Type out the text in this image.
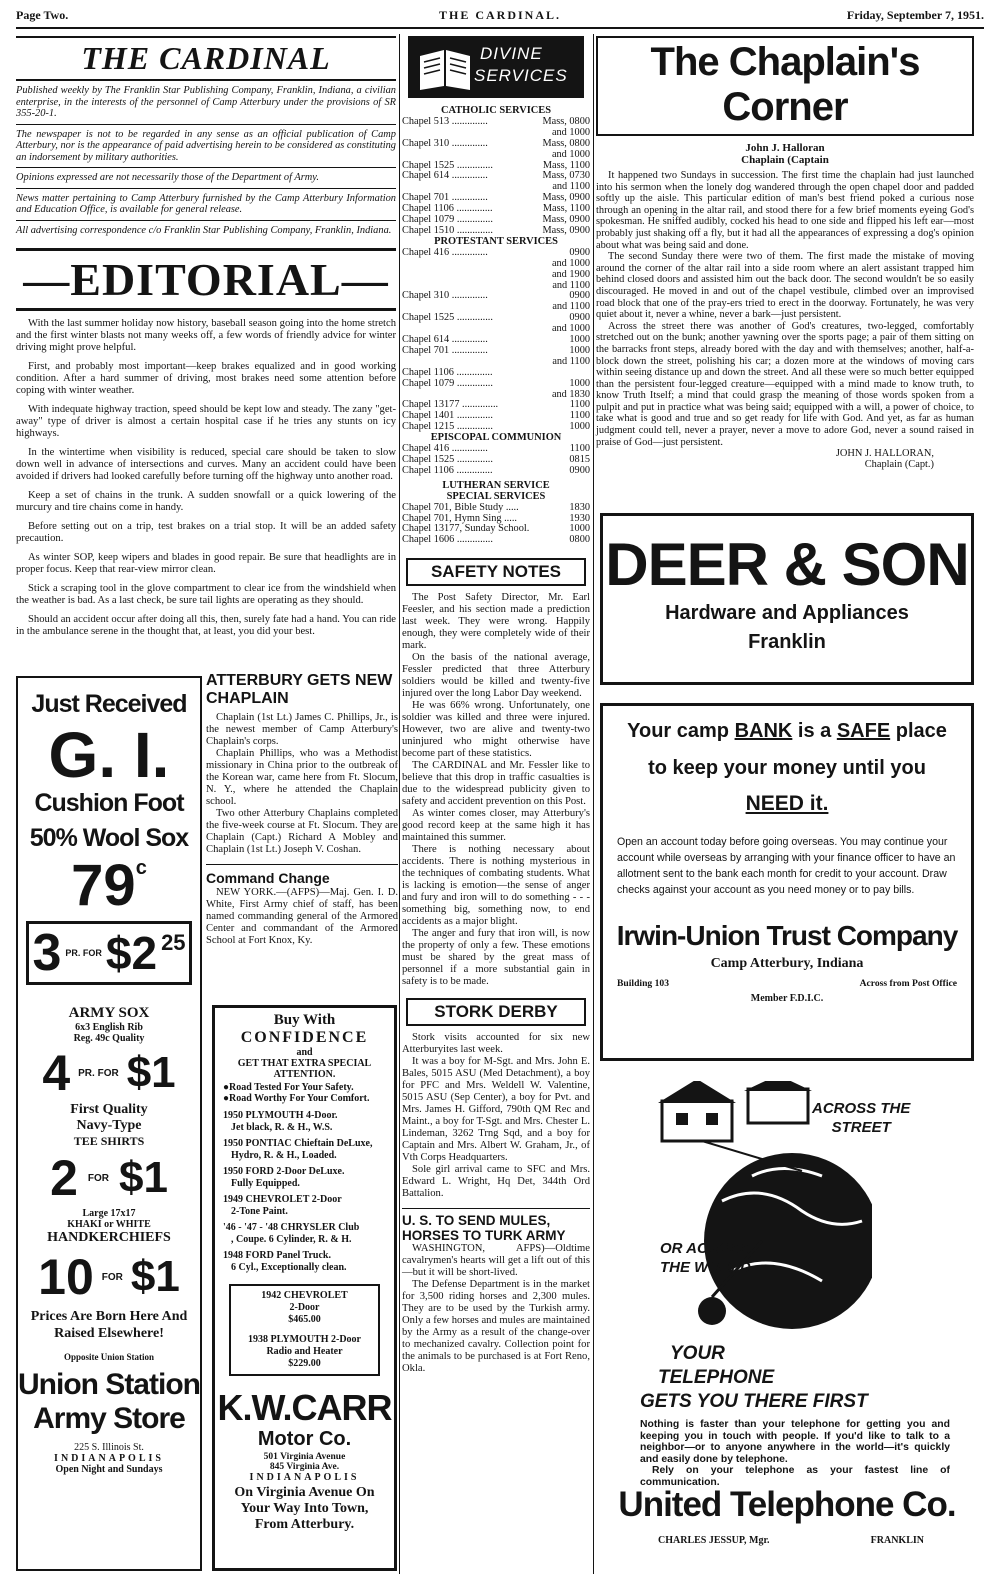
Page Two.	THE CARDINAL.	Friday, September 7, 1951.
THE CARDINAL
Published weekly by The Franklin Star Publishing Company, Franklin, Indiana, a civilian enterprise, in the interests of the personnel of Camp Atterbury under the provisions of SR 355-20-1.
The newspaper is not to be regarded in any sense as an official publication of Camp Atterbury, nor is the appearance of paid advertising herein to be considered as constituting an indorsement by military authorities.
Opinions expressed are not necessarily those of the Department of Army.
News matter pertaining to Camp Atterbury furnished by the Camp Atterbury Information and Education Office, is available for general release.
All advertising correspondence c/o Franklin Star Publishing Company, Franklin, Indiana.
—EDITORIAL—

With the last summer holiday now history, baseball season going into the home stretch and the first winter blasts not many weeks off, a few words of friendly advice for winter driving might prove helpful.

First, and probably most important—keep brakes equalized and in good working condition. After a hard summer of driving, most brakes need some attention before coping with winter weather.

With indequate highway traction, speed should be kept low and steady. The zany "get-away" type of driver is almost a certain hospital case if he tries any stunts on icy highways.

In the wintertime when visibility is reduced, special care should be taken to slow down well in advance of intersections and curves. Many an accident could have been avoided if drivers had looked carefully before turning off the highway unto another road.

Keep a set of chains in the trunk. A sudden snowfall or a quick lowering of the murcury and tire chains come in handy.

Before setting out on a trip, test brakes on a trial stop. It will be an added safety precaution.

As winter SOP, keep wipers and blades in good repair. Be sure that headlights are in proper focus. Keep that rear-view mirror clean.

Stick a scraping tool in the glove compartment to clear ice from the windshield when the weather is bad. As a last check, be sure tail lights are operating as they should.

Should an accident occur after doing all this, then, surely fate had a hand. You can ride in the ambulance serene in the thought that, at least, you did your best.

Just Received
G. I.
Cushion Foot
50% Wool Sox
79c
3 PR. FOR $2 25
ARMY SOX
6x3 English Rib
Reg. 49c Quality
4 PR. FOR $1
First Quality
Navy-Type
TEE SHIRTS
2 FOR $1
Large 17x17
KHAKI or WHITE
HANDKERCHIEFS
10 FOR $1
Prices Are Born Here And Raised Elsewhere!
Opposite Union Station
Union Station
Army Store
225 S. Illinois St.
INDIANAPOLIS
Open Night and Sundays
ATTERBURY GETS NEW CHAPLAIN

Chaplain (1st Lt.) James C. Phillips, Jr., is the newest member of Camp Atterbury's Chaplain's corps.

Chaplain Phillips, who was a Methodist missionary in China prior to the outbreak of the Korean war, came here from Ft. Slocum, N. Y., where he attended the Chaplain school.

Two other Atterbury Chaplains completed the five-week course at Ft. Slocum. They are Chaplain (Capt.) Richard A Mobley and Chaplain (1st Lt.) Joseph V. Coshan.

Command Change

NEW YORK.—(AFPS)—Maj. Gen. I. D. White, First Army chief of staff, has been named commanding general of the Armored Center and commandant of the Armored School at Fort Knox, Ky.

Buy With
CONFIDENCE
and
GET THAT EXTRA SPECIAL ATTENTION.
●Road Tested For Your Safety.
●Road Worthy For Your Comfort.
1950 PLYMOUTH 4-Door.
Jet black, R. & H., W.S.
1950 PONTIAC Chieftain DeLuxe,
Hydro, R. & H., Loaded.
1950 FORD 2-Door DeLuxe.
Fully Equipped.
1949 CHEVROLET 2-Door
2-Tone Paint.
'46 - '47 - '48 CHRYSLER Club
, Coupe. 6 Cylinder, R. & H.
1948 FORD Panel Truck.
6 Cyl., Exceptionally clean.
1942 CHEVROLET
2-Door
$465.00
1938 PLYMOUTH 2-Door
Radio and Heater
$229.00
K.W.CARR
Motor Co.
501 Virginia Avenue
845 Virginia Ave.
INDIANAPOLIS
On Virginia Avenue On
Your Way Into Town,
From Atterbury.
DIVINE
SERVICES
CATHOLIC SERVICES
Chapel 513 ..............	Mass, 0800
and 1000
Chapel 310 ..............	Mass, 0800
and 1000
Chapel 1525 ..............	Mass, 1100
Chapel 614 ..............	Mass, 0730
and 1100
Chapel 701 ..............	Mass, 0900
Chapel 1106 ..............	Mass, 1100
Chapel 1079 ..............	Mass, 0900
Chapel 1510 ..............	Mass, 0900
PROTESTANT SERVICES
Chapel 416 ..............	0900
and 1000
and 1900
and 1100
Chapel 310 ..............	0900
and 1100
Chapel 1525 ..............	0900
and 1000
Chapel 614 ..............	1000
Chapel 701 ..............	1000
and 1100
Chapel 1106 ..............
Chapel 1079 ..............	1000
and 1830
Chapel 13177 ..............	1100
Chapel 1401 ..............	1100
Chapel 1215 ..............	1000
EPISCOPAL COMMUNION
Chapel 416 ..............	1100
Chapel 1525 ..............	0815
Chapel 1106 ..............	0900
LUTHERAN SERVICE
SPECIAL SERVICES
Chapel 701, Bible Study .....	1830
Chapel 701, Hymn Sing .....	1930
Chapel 13177, Sunday School.	1000
Chapel 1606 ..............	0800
SAFETY NOTES

The Post Safety Director, Mr. Earl Feesler, and his section made a prediction last week. They were wrong. Happily enough, they were completely wide of their mark.

On the basis of the national average, Fessler predicted that three Atterbury soldiers would be killed and twenty-five injured over the long Labor Day weekend.

He was 66% wrong. Unfortunately, one soldier was killed and three were injured. However, two are alive and twenty-two uninjured who might otherwise have become part of these statistics.

The CARDINAL and Mr. Fessler like to believe that this drop in traffic casualties is due to the widespread publicity given to safety and accident prevention on this Post.

As winter comes closer, may Atterbury's good record keep at the same high it has maintained this summer.

There is nothing necessary about accidents. There is nothing mysterious in the techniques of combating students. What is lacking is emotion—the sense of anger and fury and iron will to do something - - - something big, something now, to end accidents as a major blight.

The anger and fury that iron will, is now the property of only a few. These emotions must be shared by the great mass of personnel if a more substantial gain in safety is to be made.

STORK DERBY

Stork visits accounted for six new Atterburyites last week.

It was a boy for M-Sgt. and Mrs. John E. Bales, 5015 ASU (Med Detachment), a boy for PFC and Mrs. Weldell W. Valentine, 5015 ASU (Sep Center), a boy for Pvt. and Mrs. James H. Gifford, 790th QM Rec and Maint., a boy for T-Sgt. and Mrs. Chester L. Lindeman, 3262 Trng Sqd, and a boy for Captain and Mrs. Albert W. Graham, Jr., of Vth Corps Headquarters.

Sole girl arrival came to SFC and Mrs. Edward L. Wright, Hq Det, 344th Ord Battalion.

U. S. TO SEND MULES, HORSES TO TURK ARMY

WASHINGTON, AFPS)—Oldtime cavalrymen's hearts will get a lift out of this—but it will be short-lived.

The Defense Department is in the market for 3,500 riding horses and 2,300 mules. They are to be used by the Turkish army. Only a few horses and mules are maintained by the Army as a result of the change-over to mechanized cavalry. Collection point for the animals to be purchased is at Fort Reno, Okla.

The Chaplain's Corner
John J. Halloran
Chaplain (Captain

It happened two Sundays in succession. The first time the chaplain had just launched into his sermon when the lonely dog wandered through the open chapel door and padded softly up the aisle. This particular edition of man's best friend poked a curious nose through an opening in the altar rail, and stood there for a few brief moments eyeing God's spokesman. He sniffed audibly, cocked his head to one side and flipped his left ear—most probably just shaking off a fly, but it had all the appearances of expressing a dog's opinion about what was being said and done.

The second Sunday there were two of them. The first made the mistake of moving around the corner of the altar rail into a side room where an alert assistant trapped him behind closed doors and assisted him out the back door. The second wouldn't be so easily discouraged. He moved in and out of the chapel vestibule, climbed over an improvised road block that one of the pray-ers tried to erect in the doorway. Fortunately, he was very quiet about it, never a whine, never a bark—just persistent.

Across the street there was another of God's creatures, two-legged, comfortably stretched out on the bunk; another yawning over the sports page; a pair of them sitting on the barracks front steps, already bored with the day and with themselves; another, half-a-block down the street, polishing his car; a dozen more at the windows of moving cars within seeing distance up and down the street. And all these were so much better equipped than the persistent four-legged creature—equipped with a mind made to know truth, to know Truth Itself; a mind that could grasp the meaning of those words spoken from a pulpit and put in practice what was being said; equipped with a will, a power of choice, to take what is good and true and so get ready for life with God. And yet, as far as human judgment could tell, never a prayer, never a move to adore God, never a sound raised in praise of God—just persistent.

JOHN J. HALLORAN,
Chaplain (Capt.)
DEER & SON
Hardware and Appliances
Franklin
Your camp BANK is a SAFE place
to keep your money until you
NEED it.
Open an account today before going overseas. You may continue your account while overseas by arranging with your finance officer to have an allotment sent to the bank each month for credit to your account. Draw checks against your account as you need money or to pay bills.
Irwin-Union Trust Company
Camp Atterbury, Indiana
Building 103	Across from Post Office
Member F.D.I.C.
ACROSS THE
STREET
OR ACROSS
THE WORLD
YOUR
TELEPHONE
GETS YOU THERE FIRST

Nothing is faster than your telephone for getting you and keeping you in touch with people. If you'd like to talk to a neighbor—or to anyone anywhere in the world—it's quickly and easily done by telephone.

Rely on your telephone as your fastest line of communication.

United Telephone Co.
CHARLES JESSUP, Mgr.	FRANKLIN
